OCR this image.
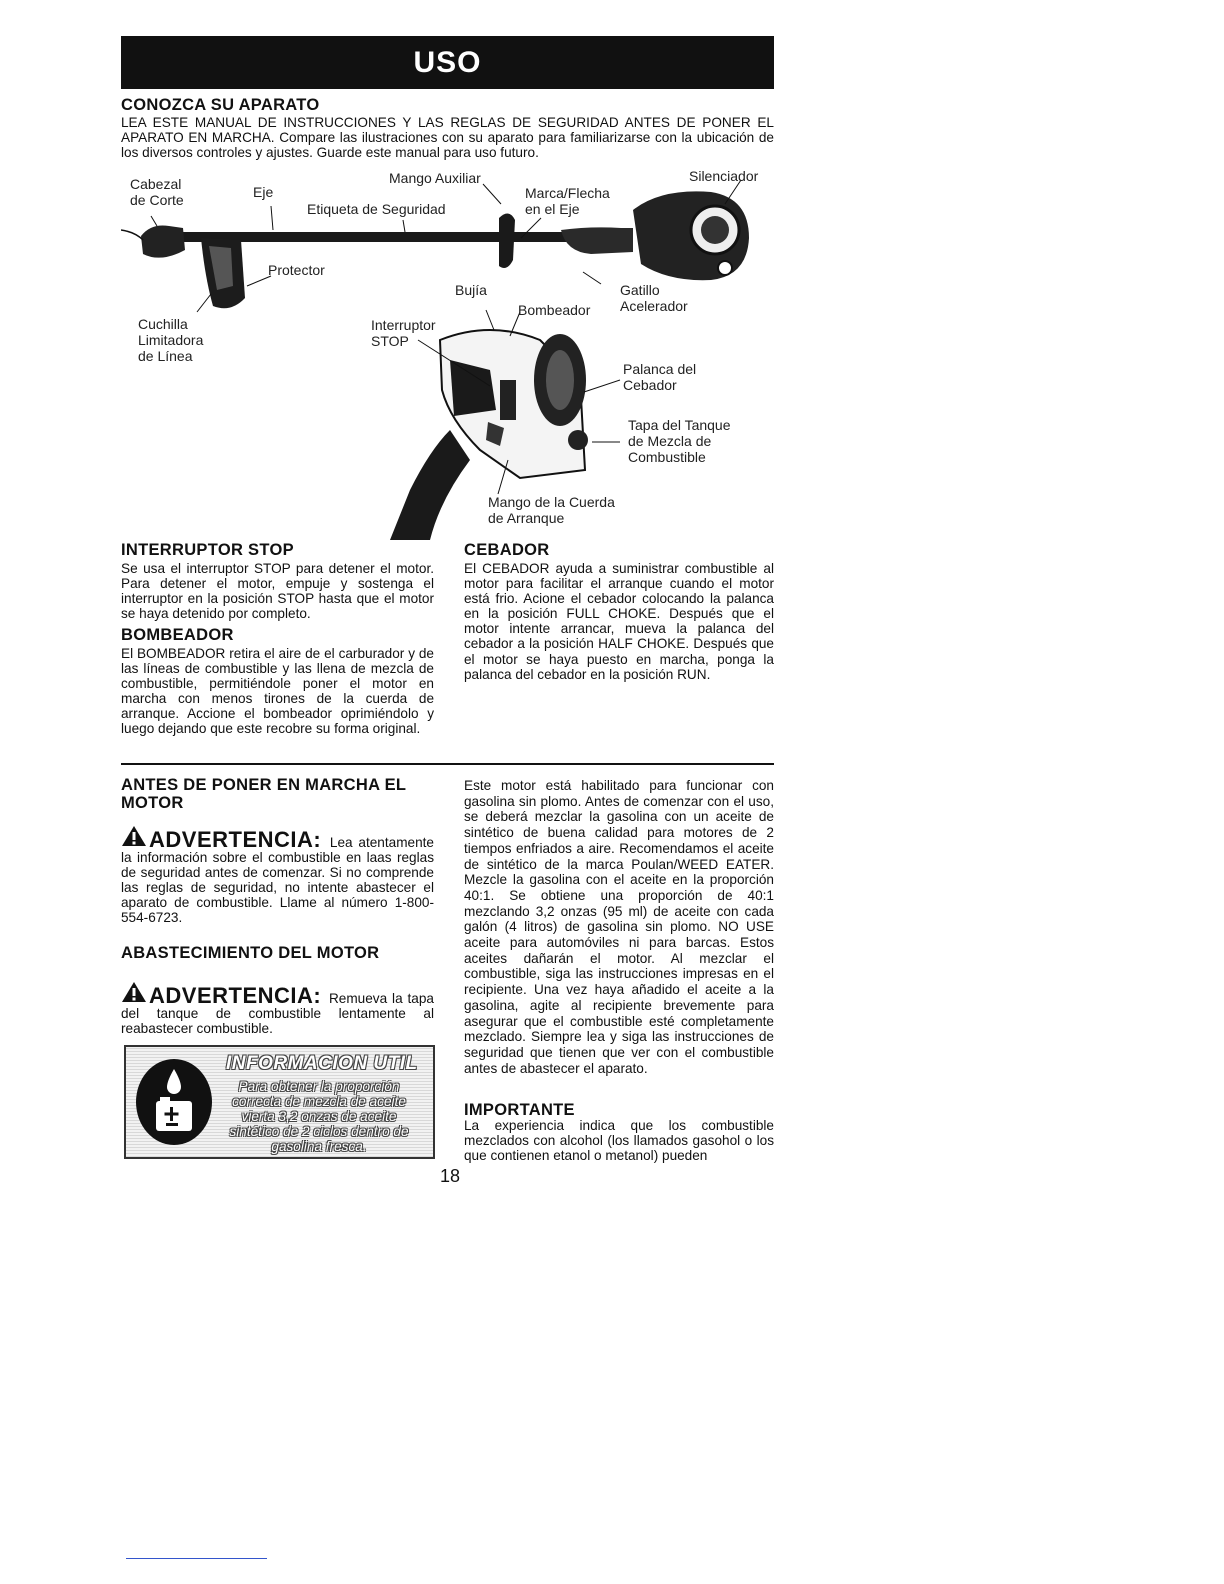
USO
CONOZCA SU APARATO
LEA ESTE MANUAL DE INSTRUCCIONES Y LAS REGLAS DE SEGURIDAD ANTES DE PONER EL APARATO EN MARCHA. Compare las ilustraciones con su aparato para familiarizarse con la ubicación de los diversos controles y ajustes. Guarde este manual para uso futuro.
Cabezal
de Corte	Eje
Mango Auxiliar
Etiqueta de Seguridad
Marca/Flecha
en el Eje
Silenciador
Protector
Gatillo
Acelerador
Cuchilla
Limitadora
de Línea
Bujía
Bombeador
Interruptor
STOP
Palanca del
Cebador
Tapa del Tanque
de Mezcla de
Combustible
Mango de la Cuerda
de Arranque
INTERRUPTOR STOP
Se usa el interruptor STOP para detener el motor. Para detener el motor, empuje y sostenga el interruptor en la posición STOP hasta que el motor se haya detenido por completo.
BOMBEADOR
El BOMBEADOR retira el aire de el carburador y de las líneas de combustible y las llena de mezcla de combustible, permitiéndole poner el motor en marcha con menos tirones de la cuerda de arranque. Accione el bombeador oprimiéndolo y luego dejando que este recobre su forma original.
CEBADOR
El CEBADOR ayuda a suministrar combustible al motor para facilitar el arranque cuando el motor está frio. Acione el cebador colocando la palanca en la posición FULL CHOKE. Después que el motor intente arrancar, mueva la palanca del cebador a la posición HALF CHOKE. Después que el motor se haya puesto en marcha, ponga la palanca del cebador en la posición RUN.
ANTES DE PONER EN MARCHA EL MOTOR
ADVERTENCIA: Lea atentamente la información sobre el combustible en laas reglas de seguridad antes de comenzar. Si no comprende las reglas de seguridad, no intente abastecer el aparato de combustible. Llame al número 1-800-554-6723.
ABASTECIMIENTO DEL MOTOR
ADVERTENCIA: Remueva la tapa del tanque de combustible lentamente al reabastecer combustible.
INFORMACION UTIL
Para obtener la proporción correcta de mezcla de aceite vierta 3,2 onzas de aceite sintético de 2 ciclos dentro de gasolina fresca.
Este motor está habilitado para funcionar con gasolina sin plomo. Antes de comenzar con el uso, se deberá mezclar la gasolina con un aceite de sintético de buena calidad para motores de 2 tiempos enfriados a aire. Recomendamos el aceite de sintético de la marca Poulan/WEED EATER. Mezcle la gasolina con el aceite en la proporción 40:1. Se obtiene una proporción de 40:1 mezclando 3,2 onzas (95 ml) de aceite con cada galón (4 litros) de gasolina sin plomo. NO USE aceite para automóviles ni para barcas. Estos aceites dañarán el motor. Al mezclar el combustible, siga las instrucciones impresas en el recipiente. Una vez haya añadido el aceite a la gasolina, agite al recipiente brevemente para asegurar que el combustible esté completamente mezclado. Siempre lea y siga las instrucciones de seguridad que tienen que ver con el combustible antes de abastecer el aparato.
IMPORTANTE
La experiencia indica que los combustible mezclados con alcohol (los llamados gasohol o los que contienen etanol o metanol) pueden
18
